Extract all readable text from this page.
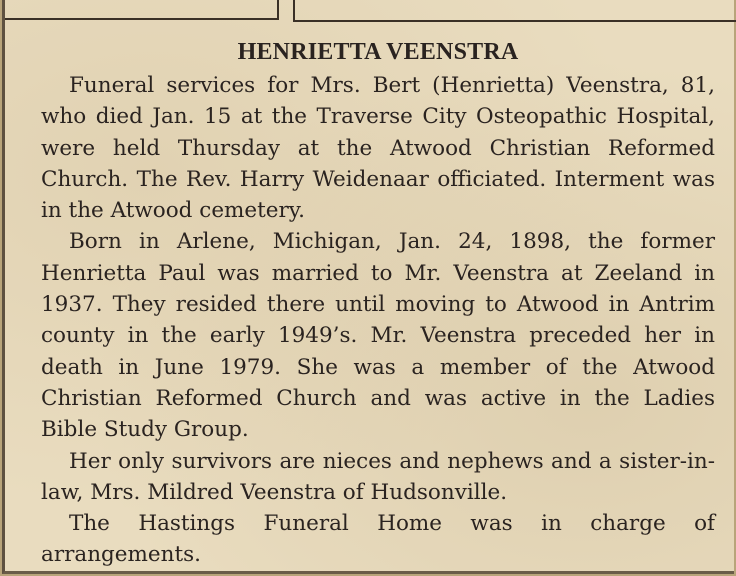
HENRIETTA VEENSTRA

Funeral services for Mrs. Bert (Henrietta) Veenstra, 81, who died Jan. 15 at the Traverse City Osteopathic Hospital, were held Thursday at the Atwood Christian Reformed Church. The Rev. Harry Weidenaar officiated. Interment was in the Atwood cemetery.

Born in Arlene, Michigan, Jan. 24, 1898, the former Henrietta Paul was married to Mr. Veenstra at Zeeland in 1937. They resided there until moving to Atwood in Antrim county in the early 1949’s. Mr. Veenstra preceded her in death in June 1979. She was a member of the Atwood Christian Reformed Church and was active in the Ladies Bible Study Group.

Her only survivors are nieces and nephews and a sister-in-law, Mrs. Mildred Veenstra of Hudsonville.

The Hastings Funeral Home was in charge of arrangements.
